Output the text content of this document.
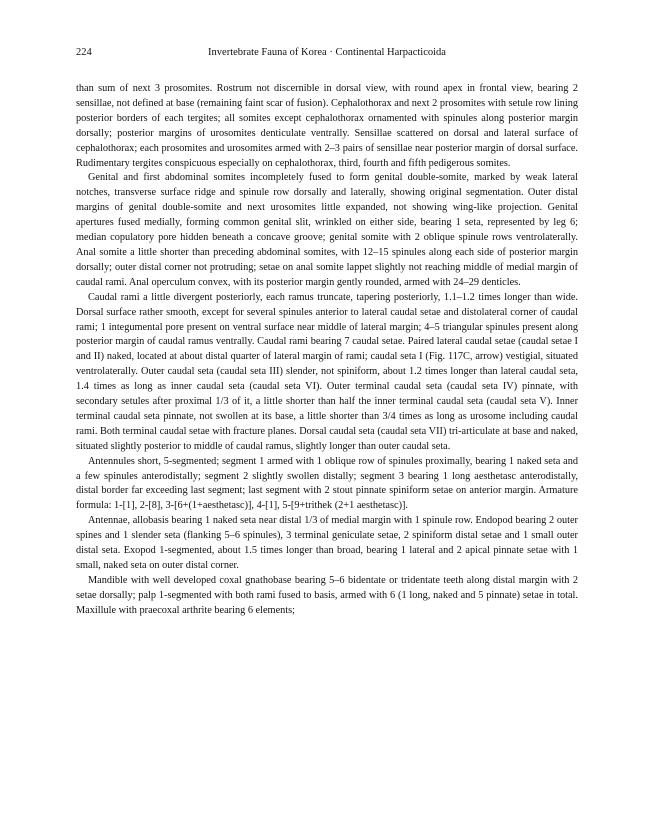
224	Invertebrate Fauna of Korea · Continental Harpacticoida

than sum of next 3 prosomites. Rostrum not discernible in dorsal view, with round apex in frontal view, bearing 2 sensillae, not defined at base (remaining faint scar of fusion). Cephalothorax and next 2 prosomites with setule row lining posterior borders of each tergites; all somites except cephalothorax ornamented with spinules along posterior margin dorsally; posterior margins of urosomites denticulate ventrally. Sensillae scattered on dorsal and lateral surface of cephalothorax; each prosomites and urosomites armed with 2–3 pairs of sensillae near posterior margin of dorsal surface. Rudimentary tergites conspicuous especially on cephalothorax, third, fourth and fifth pedigerous somites.

Genital and first abdominal somites incompletely fused to form genital double-somite, marked by weak lateral notches, transverse surface ridge and spinule row dorsally and laterally, showing original segmentation. Outer distal margins of genital double-somite and next urosomites little expanded, not showing wing-like projection. Genital apertures fused medially, forming common genital slit, wrinkled on either side, bearing 1 seta, represented by leg 6; median copulatory pore hidden beneath a concave groove; genital somite with 2 oblique spinule rows ventrolaterally. Anal somite a little shorter than preceding abdominal somites, with 12–15 spinules along each side of posterior margin dorsally; outer distal corner not protruding; setae on anal somite lappet slightly not reaching middle of medial margin of caudal rami. Anal operculum convex, with its posterior margin gently rounded, armed with 24–29 denticles.

Caudal rami a little divergent posteriorly, each ramus truncate, tapering posteriorly, 1.1–1.2 times longer than wide. Dorsal surface rather smooth, except for several spinules anterior to lateral caudal setae and distolateral corner of caudal rami; 1 integumental pore present on ventral surface near middle of lateral margin; 4–5 triangular spinules present along posterior margin of caudal ramus ventrally. Caudal rami bearing 7 caudal setae. Paired lateral caudal setae (caudal setae I and II) naked, located at about distal quarter of lateral margin of rami; caudal seta I (Fig. 117C, arrow) vestigial, situated ventrolaterally. Outer caudal seta (caudal seta III) slender, not spiniform, about 1.2 times longer than lateral caudal seta, 1.4 times as long as inner caudal seta (caudal seta VI). Outer terminal caudal seta (caudal seta IV) pinnate, with secondary setules after proximal 1/3 of it, a little shorter than half the inner terminal caudal seta (caudal seta V). Inner terminal caudal seta pinnate, not swollen at its base, a little shorter than 3/4 times as long as urosome including caudal rami. Both terminal caudal setae with fracture planes. Dorsal caudal seta (caudal seta VII) tri-articulate at base and naked, situated slightly posterior to middle of caudal ramus, slightly longer than outer caudal seta.

Antennules short, 5-segmented; segment 1 armed with 1 oblique row of spinules proximally, bearing 1 naked seta and a few spinules anterodistally; segment 2 slightly swollen distally; segment 3 bearing 1 long aesthetasc anterodistally, distal border far exceeding last segment; last segment with 2 stout pinnate spiniform setae on anterior margin. Armature formula: 1-[1], 2-[8], 3-[6+(1+aesthetasc)], 4-[1], 5-[9+trithek (2+1 aesthetasc)].

Antennae, allobasis bearing 1 naked seta near distal 1/3 of medial margin with 1 spinule row. Endopod bearing 2 outer spines and 1 slender seta (flanking 5–6 spinules), 3 terminal geniculate setae, 2 spiniform distal setae and 1 small outer distal seta. Exopod 1-segmented, about 1.5 times longer than broad, bearing 1 lateral and 2 apical pinnate setae with 1 small, naked seta on outer distal corner.

Mandible with well developed coxal gnathobase bearing 5–6 bidentate or tridentate teeth along distal margin with 2 setae dorsally; palp 1-segmented with both rami fused to basis, armed with 6 (1 long, naked and 5 pinnate) setae in total. Maxillule with praecoxal arthrite bearing 6 elements;
